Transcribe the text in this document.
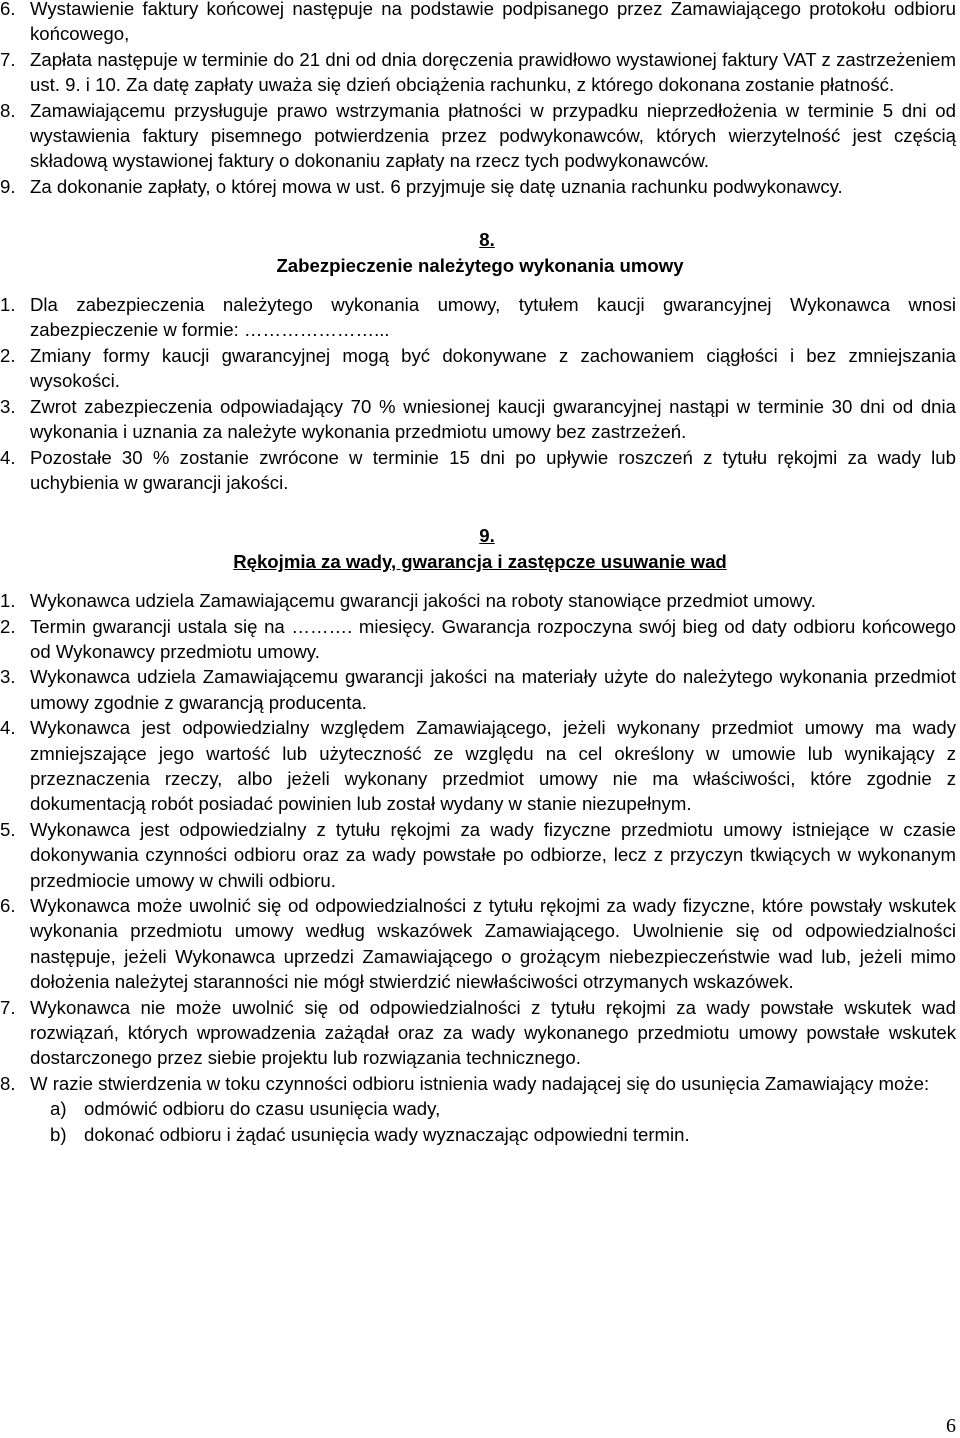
6. Wystawienie faktury końcowej następuje na podstawie podpisanego przez Zamawiającego protokołu odbioru końcowego,
7. Zapłata następuje w terminie do 21 dni od dnia doręczenia prawidłowo wystawionej faktury VAT z zastrzeżeniem ust. 9. i 10. Za datę zapłaty uważa się dzień obciążenia rachunku, z którego dokonana zostanie płatność.
8. Zamawiającemu przysługuje prawo wstrzymania płatności w przypadku nieprzedłożenia w terminie 5 dni od wystawienia faktury pisemnego potwierdzenia przez podwykonawców, których wierzytelność jest częścią składową wystawionej faktury o dokonaniu zapłaty na rzecz tych podwykonawców.
9. Za dokonanie zapłaty, o której mowa w ust. 6 przyjmuje się datę uznania rachunku podwykonawcy.
8.
Zabezpieczenie należytego wykonania umowy
1. Dla zabezpieczenia należytego wykonania umowy, tytułem kaucji gwarancyjnej Wykonawca wnosi zabezpieczenie w formie: …………………...
2. Zmiany formy kaucji gwarancyjnej mogą być dokonywane z zachowaniem ciągłości i bez zmniejszania wysokości.
3. Zwrot zabezpieczenia odpowiadający 70 % wniesionej kaucji gwarancyjnej nastąpi w terminie 30 dni od dnia wykonania i uznania za należyte wykonania przedmiotu umowy bez zastrzeżeń.
4. Pozostałe 30 % zostanie zwrócone w terminie 15 dni po upływie roszczeń z tytułu rękojmi za wady lub uchybienia w gwarancji jakości.
9.
Rękojmia za wady, gwarancja i zastępcze usuwanie wad
1. Wykonawca udziela Zamawiającemu gwarancji jakości na roboty stanowiące przedmiot umowy.
2. Termin gwarancji ustala się na ………. miesięcy. Gwarancja rozpoczyna swój bieg od daty odbioru końcowego od Wykonawcy przedmiotu umowy.
3. Wykonawca udziela Zamawiającemu gwarancji jakości na materiały użyte do należytego wykonania przedmiot umowy zgodnie z gwarancją producenta.
4. Wykonawca jest odpowiedzialny względem Zamawiającego, jeżeli wykonany przedmiot umowy ma wady zmniejszające jego wartość lub użyteczność ze względu na cel określony w umowie lub wynikający z przeznaczenia rzeczy, albo jeżeli wykonany przedmiot umowy nie ma właściwości, które zgodnie z dokumentacją robót posiadać powinien lub został wydany w stanie niezupełnym.
5. Wykonawca jest odpowiedzialny z tytułu rękojmi za wady fizyczne przedmiotu umowy istniejące w czasie dokonywania czynności odbioru oraz za wady powstałe po odbiorze, lecz z przyczyn tkwiących w wykonanym przedmiocie umowy w chwili odbioru.
6. Wykonawca może uwolnić się od odpowiedzialności z tytułu rękojmi za wady fizyczne, które powstały wskutek wykonania przedmiotu umowy według wskazówek Zamawiającego. Uwolnienie się od odpowiedzialności następuje, jeżeli Wykonawca uprzedzi Zamawiającego o grożącym niebezpieczeństwie wad lub, jeżeli mimo dołożenia należytej staranności nie mógł stwierdzić niewłaściwości otrzymanych wskazówek.
7. Wykonawca nie może uwolnić się od odpowiedzialności z tytułu rękojmi za wady powstałe wskutek wad rozwiązań, których wprowadzenia zażądał oraz za wady wykonanego przedmiotu umowy powstałe wskutek dostarczonego przez siebie projektu lub rozwiązania technicznego.
8. W razie stwierdzenia w toku czynności odbioru istnienia wady nadającej się do usunięcia Zamawiający może:
a) odmówić odbioru do czasu usunięcia wady,
b) dokonać odbioru i żądać usunięcia wady wyznaczając odpowiedni termin.
6
